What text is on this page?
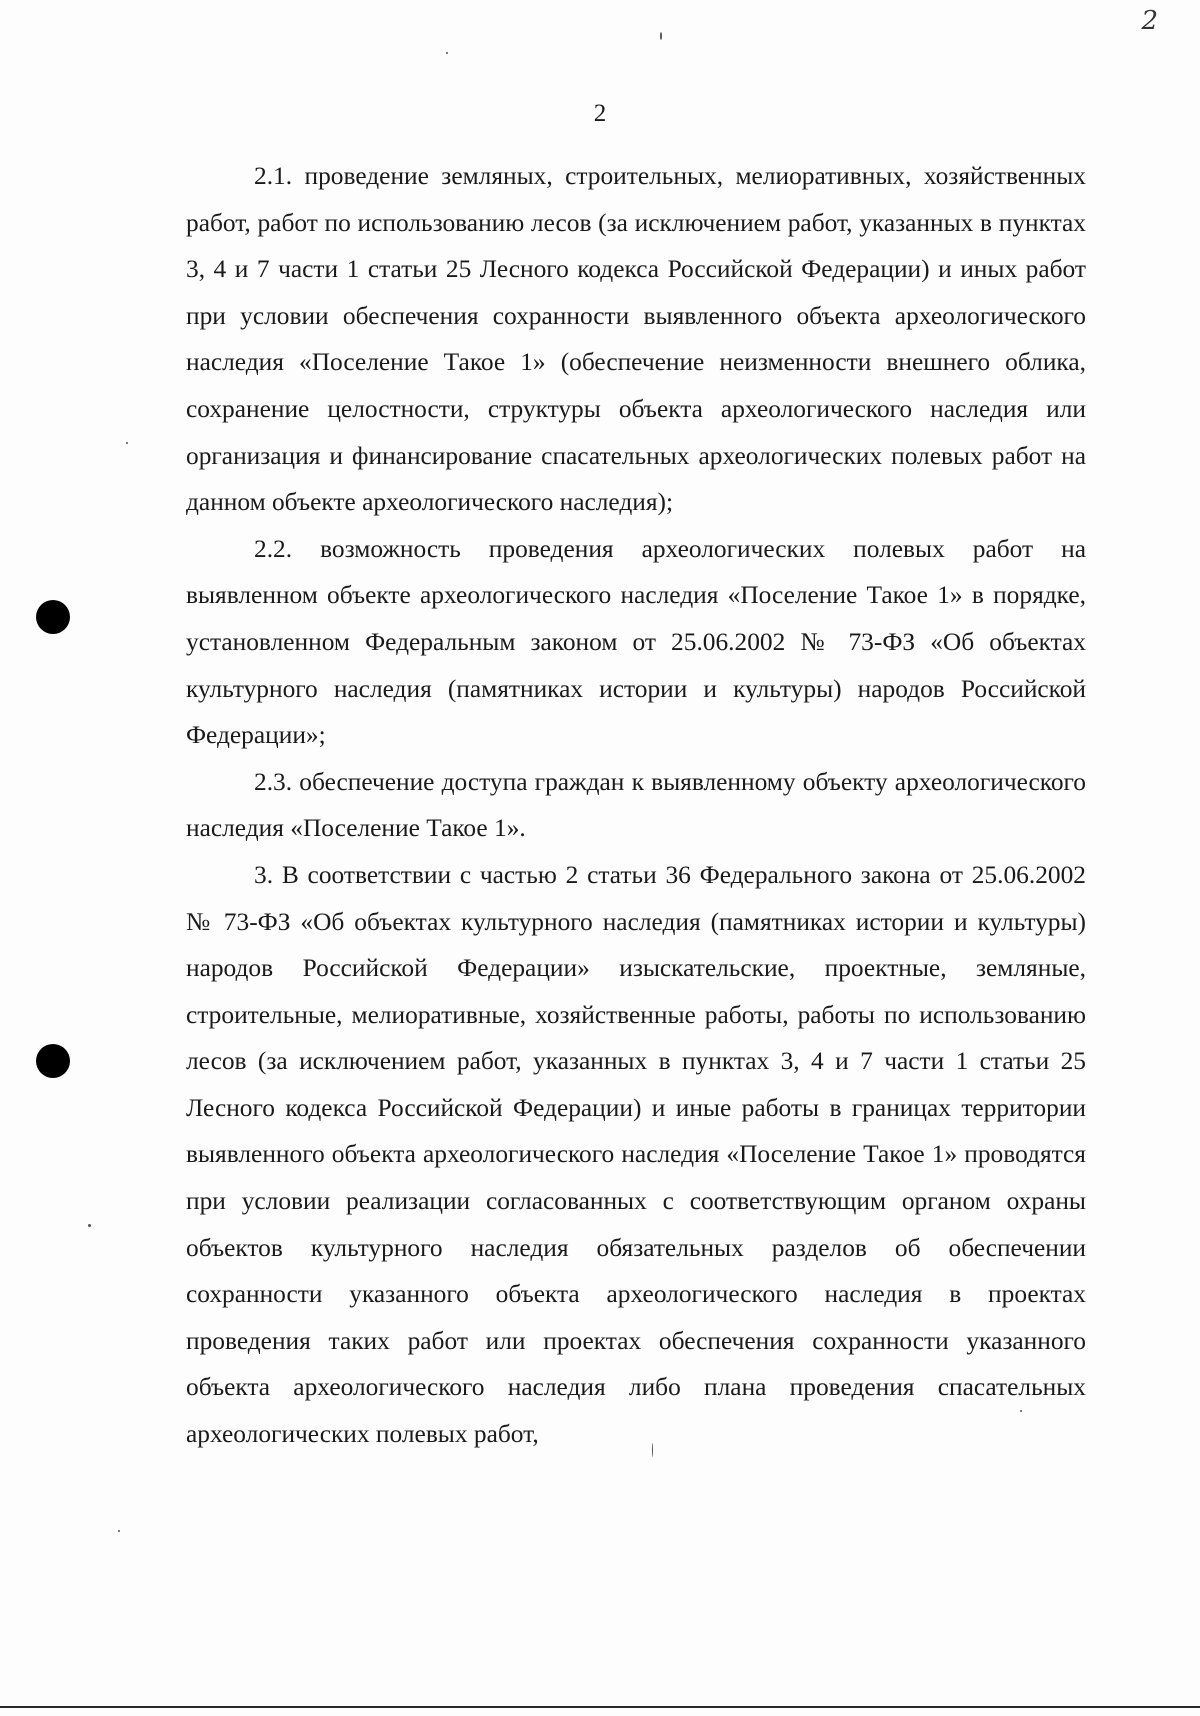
2
2

2.1. проведение земляных, строительных, мелиоративных, хозяйственных работ, работ по использованию лесов (за исключением работ, указанных в пунктах 3, 4 и 7 части 1 статьи 25 Лесного кодекса Российской Федерации) и иных работ при условии обеспечения сохранности выявленного объекта археологического наследия «Поселение Такое 1» (обеспечение неизменности внешнего облика, сохранение целостности, структуры объекта археологического наследия или организация и финансирование спасательных археологических полевых работ на данном объекте археологического наследия);

2.2. возможность проведения археологических полевых работ на выявленном объекте археологического наследия «Поселение Такое 1» в порядке, установленном Федеральным законом от 25.06.2002 № 73-ФЗ «Об объектах культурного наследия (памятниках истории и культуры) народов Российской Федерации»;

2.3. обеспечение доступа граждан к выявленному объекту археологического наследия «Поселение Такое 1».

3. В соответствии с частью 2 статьи 36 Федерального закона от 25.06.2002 № 73-ФЗ «Об объектах культурного наследия (памятниках истории и культуры) народов Российской Федерации» изыскательские, проектные, земляные, строительные, мелиоративные, хозяйственные работы, работы по использованию лесов (за исключением работ, указанных в пунктах 3, 4 и 7 части 1 статьи 25 Лесного кодекса Российской Федерации) и иные работы в границах территории выявленного объекта археологического наследия «Поселение Такое 1» проводятся при условии реализации согласованных с соответствующим органом охраны объектов культурного наследия обязательных разделов об обеспечении сохранности указанного объекта археологического наследия в проектах проведения таких работ или проектах обеспечения сохранности указанного объекта археологического наследия либо плана проведения спасательных археологических полевых работ,
